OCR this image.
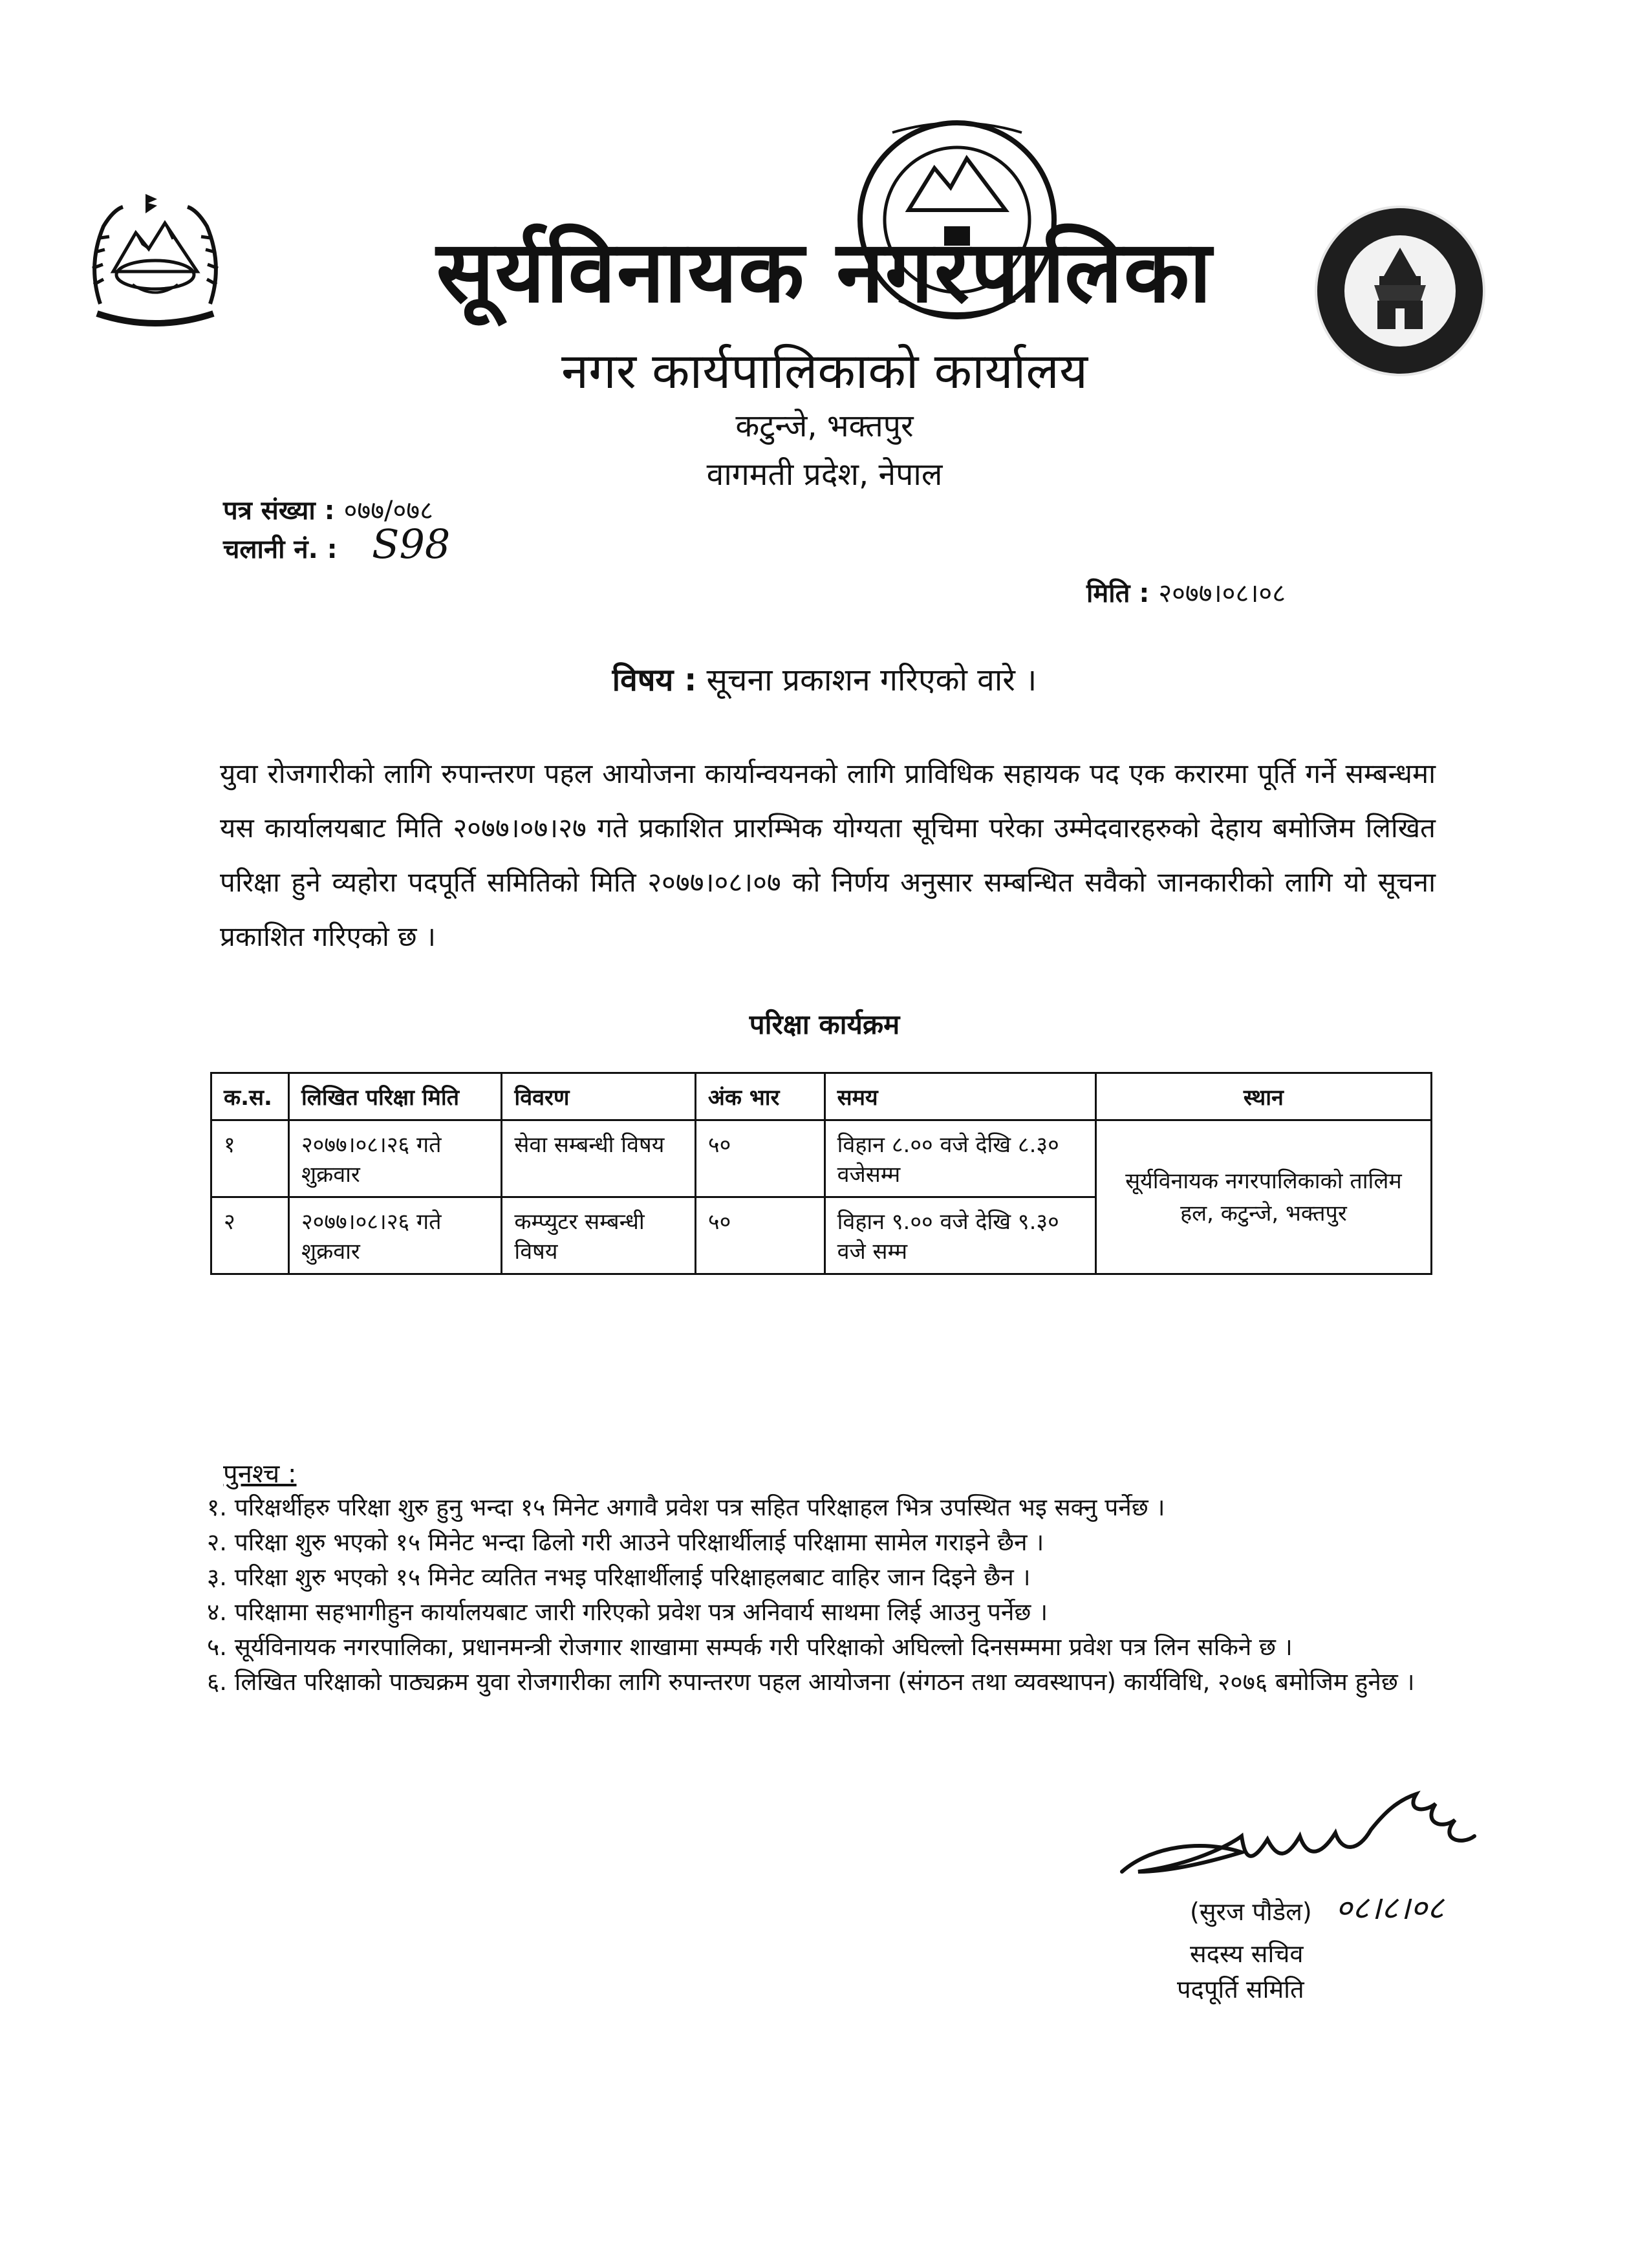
सूर्यविनायक नगरपालिका
नगर कार्यपालिकाको कार्यालय
कटुन्जे, भक्तपुर
वागमती प्रदेश, नेपाल
पत्र संख्या : ०७७/०७८
चलानी नं. : S98
मिति : २०७७।०८।०८
विषय : सूचना प्रकाशन गरिएको वारे ।
युवा रोजगारीको लागि रुपान्तरण पहल आयोजना कार्यान्वयनको लागि प्राविधिक सहायक पद एक करारमा पूर्ति गर्ने सम्बन्धमा यस कार्यालयबाट मिति २०७७।०७।२७ गते प्रकाशित प्रारम्भिक योग्यता सूचिमा परेका उम्मेदवारहरुको देहाय बमोजिम लिखित परिक्षा हुने व्यहोरा पदपूर्ति समितिको मिति २०७७।०८।०७ को निर्णय अनुसार सम्बन्धित सवैको जानकारीको लागि यो सूचना प्रकाशित गरिएको छ ।
परिक्षा कार्यक्रम
क.स.	लिखित परिक्षा मिति	विवरण	अंक भार	समय	स्थान
१	२०७७।०८।२६ गते शुक्रवार	सेवा सम्बन्धी विषय	५०	विहान ८.०० वजे देखि ८.३० वजेसम्म	सूर्यविनायक नगरपालिकाको तालिम हल, कटुन्जे, भक्तपुर
२	२०७७।०८।२६ गते शुक्रवार	कम्प्युटर सम्बन्धी विषय	५०	विहान ९.०० वजे देखि ९.३० वजे सम्म	
पुनश्च :
१. परिक्षर्थीहरु परिक्षा शुरु हुनु भन्दा १५ मिनेट अगावै प्रवेश पत्र सहित परिक्षाहल भित्र उपस्थित भइ सक्नु पर्नेछ ।
२. परिक्षा शुरु भएको १५ मिनेट भन्दा ढिलो गरी आउने परिक्षार्थीलाई परिक्षामा सामेल गराइने छैन ।
३. परिक्षा शुरु भएको १५ मिनेट व्यतित नभइ परिक्षार्थीलाई परिक्षाहलबाट वाहिर जान दिइने छैन ।
४. परिक्षामा सहभागीहुन कार्यालयबाट जारी गरिएको प्रवेश पत्र अनिवार्य साथमा लिई आउनु पर्नेछ ।
५. सूर्यविनायक नगरपालिका, प्रधानमन्त्री रोजगार शाखामा सम्पर्क गरी परिक्षाको अघिल्लो दिनसम्ममा प्रवेश पत्र लिन सकिने छ ।
६. लिखित परिक्षाको पाठ्यक्रम युवा रोजगारीका लागि रुपान्तरण पहल आयोजना (संगठन तथा व्यवस्थापन) कार्यविधि, २०७६ बमोजिम हुनेछ ।
(सुरज पौडेल) ०८।८।०८
सदस्य सचिव
पदपूर्ति समिति
